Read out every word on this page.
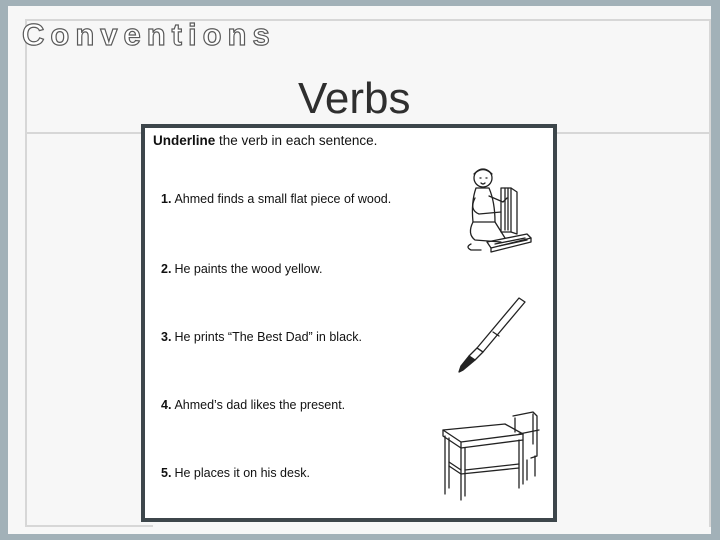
Conventions
Verbs
Underline the verb in each sentence.
1. Ahmed finds a small flat piece of wood.
2. He paints the wood yellow.
3. He prints “The Best Dad” in black.
4. Ahmed’s dad likes the present.
5. He places it on his desk.
